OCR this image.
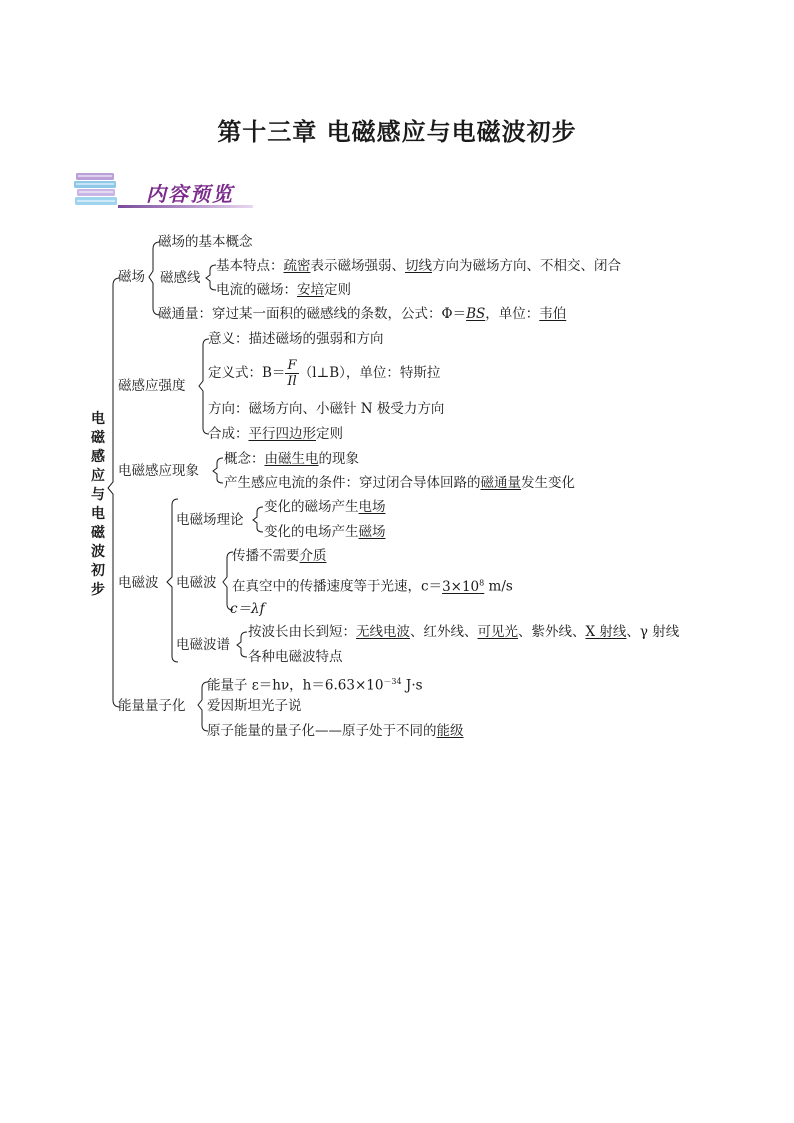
第十三章 电磁感应与电磁波初步
内容预览
电磁感应与电磁波初步
磁场
磁场的基本概念
磁感线
基本特点：疏密表示磁场强弱、切线方向为磁场方向、不相交、闭合
电流的磁场：安培定则
磁通量：穿过某一面积的磁感线的条数，公式：Φ＝BS，单位：韦伯
磁感应强度
意义：描述磁场的强弱和方向
定义式：$B= \frac{F}{Il}$ （l⊥B），单位：特斯拉
方向：磁场方向、小磁针 N 极受力方向
合成：平行四边形定则
电磁感应现象
概念：由磁生电的现象
产生感应电流的条件：穿过闭合导体回路的磁通量发生变化
电磁波
电磁场理论
变化的磁场产生电场
变化的电场产生磁场
电磁波
传播不需要介质
在真空中的传播速度等于光速，$c=3\times 10^8$ m/s
c＝λf
电磁波谱
按波长由长到短：无线电波、红外线、可见光、紫外线、X 射线、γ 射线
各种电磁波特点
能量量子化
能量子 ε＝hν，$h=6.63\times 10^{-34}$ J·s
爱因斯坦光子说
原子能量的量子化——原子处于不同的能级
